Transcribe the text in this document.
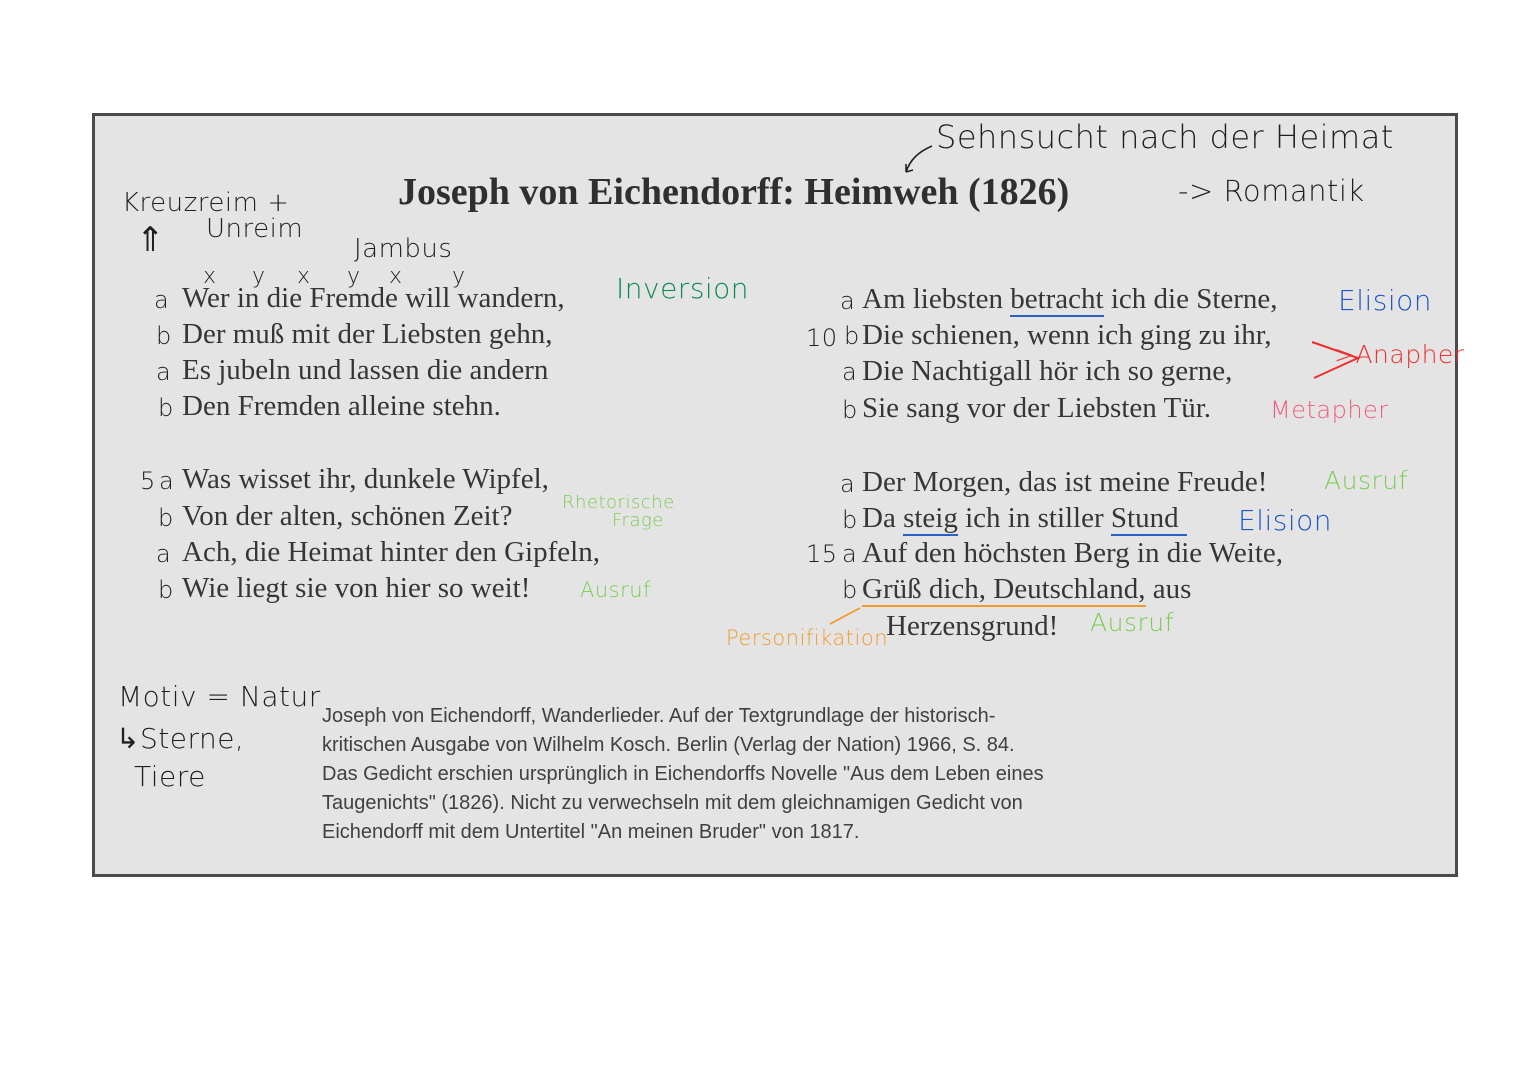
Sehnsucht nach der Heimat
Joseph von Eichendorff: Heimweh (1826)	-> Romantik
Kreuzreim +
Unreim
⇑	Jambus
x y x y x y
a Wer in die Fremde will wandern, Inversion
b Der muß mit der Liebsten gehn,
a Es jubeln und lassen die andern
b Den Fremden alleine stehn.
5 a Was wisset ihr, dunkele Wipfel,
b Von der alten, schönen Zeit?	Rhetorische
Frage
a Ach, die Heimat hinter den Gipfeln,
b Wie liegt sie von hier so weit! Ausruf
a Am liebsten betracht ich die Sterne, Elision
10 b Die schienen, wenn ich ging zu ihr,
>Anapher
a Die Nachtigall hör ich so gerne,
b Sie sang vor der Liebsten Tür. Metapher
a Der Morgen, das ist meine Freude! Ausruf
b Da steig ich in stiller Stund Elision
15 a Auf den höchsten Berg in die Weite,
b Grüß dich, Deutschland, aus
Herzensgrund!
Personifikation
Ausruf
Motiv = Natur
↳Sterne,
Tiere
Joseph von Eichendorff, Wanderlieder. Auf der Textgrundlage der historisch-
kritischen Ausgabe von Wilhelm Kosch. Berlin (Verlag der Nation) 1966, S. 84.
Das Gedicht erschien ursprünglich in Eichendorffs Novelle "Aus dem Leben eines
Taugenichts" (1826). Nicht zu verwechseln mit dem gleichnamigen Gedicht von
Eichendorff mit dem Untertitel "An meinen Bruder" von 1817.
